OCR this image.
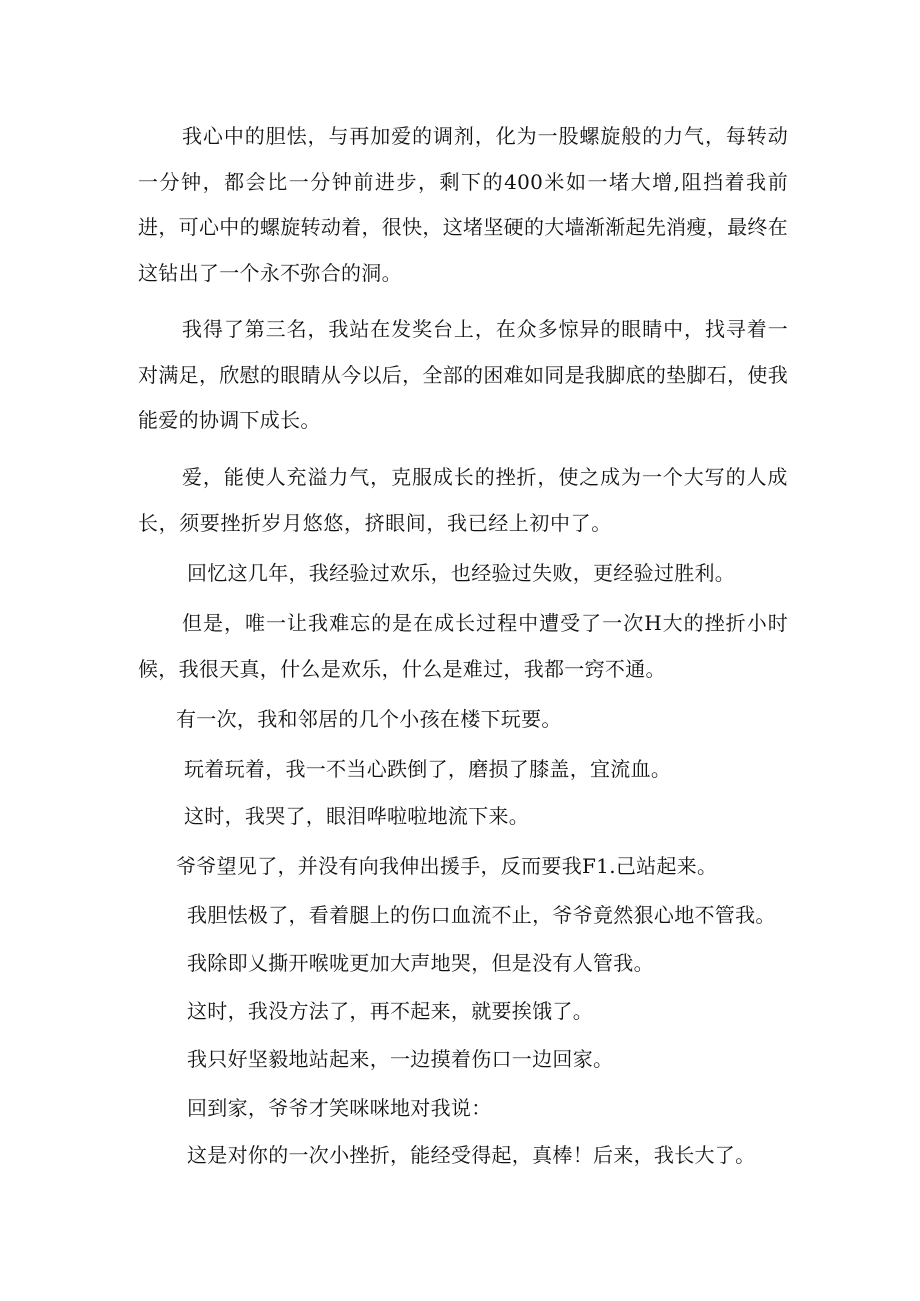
我心中的胆怯，与再加爱的调剂，化为一股螺旋般的力气，每转动一分钟，都会比一分钟前进步，剩下的400米如一堵大增,阻挡着我前进，可心中的螺旋转动着，很快，这堵坚硬的大墙渐渐起先消瘦，最终在这钻出了一个永不弥合的洞。

我得了第三名，我站在发奖台上，在众多惊异的眼睛中，找寻着一对满足，欣慰的眼睛从今以后，全部的困难如同是我脚底的垫脚石，使我能爱的协调下成长。

爱，能使人充溢力气，克服成长的挫折，使之成为一个大写的人成长，须要挫折岁月悠悠，挤眼间，我已经上初中了。

回忆这几年，我经验过欢乐，也经验过失败，更经验过胜利。

但是，唯一让我难忘的是在成长过程中遭受了一次H大的挫折小时候，我很天真，什么是欢乐，什么是难过，我都一窍不通。

有一次，我和邻居的几个小孩在楼下玩要。

玩着玩着，我一不当心跌倒了，磨损了膝盖，宜流血。

这时，我哭了，眼泪哗啦啦地流下来。

爷爷望见了，并没有向我伸出援手，反而要我F1.己站起来。

我胆怯极了，看着腿上的伤口血流不止，爷爷竟然狠心地不管我。

我除即乂撕开喉咙更加大声地哭，但是没有人管我。

这时，我没方法了，再不起来，就要挨饿了。

我只好坚毅地站起来，一边摸着伤口一边回家。

回到家，爷爷才笑咪咪地对我说：

这是对你的一次小挫折，能经受得起，真棒！后来，我长大了。
